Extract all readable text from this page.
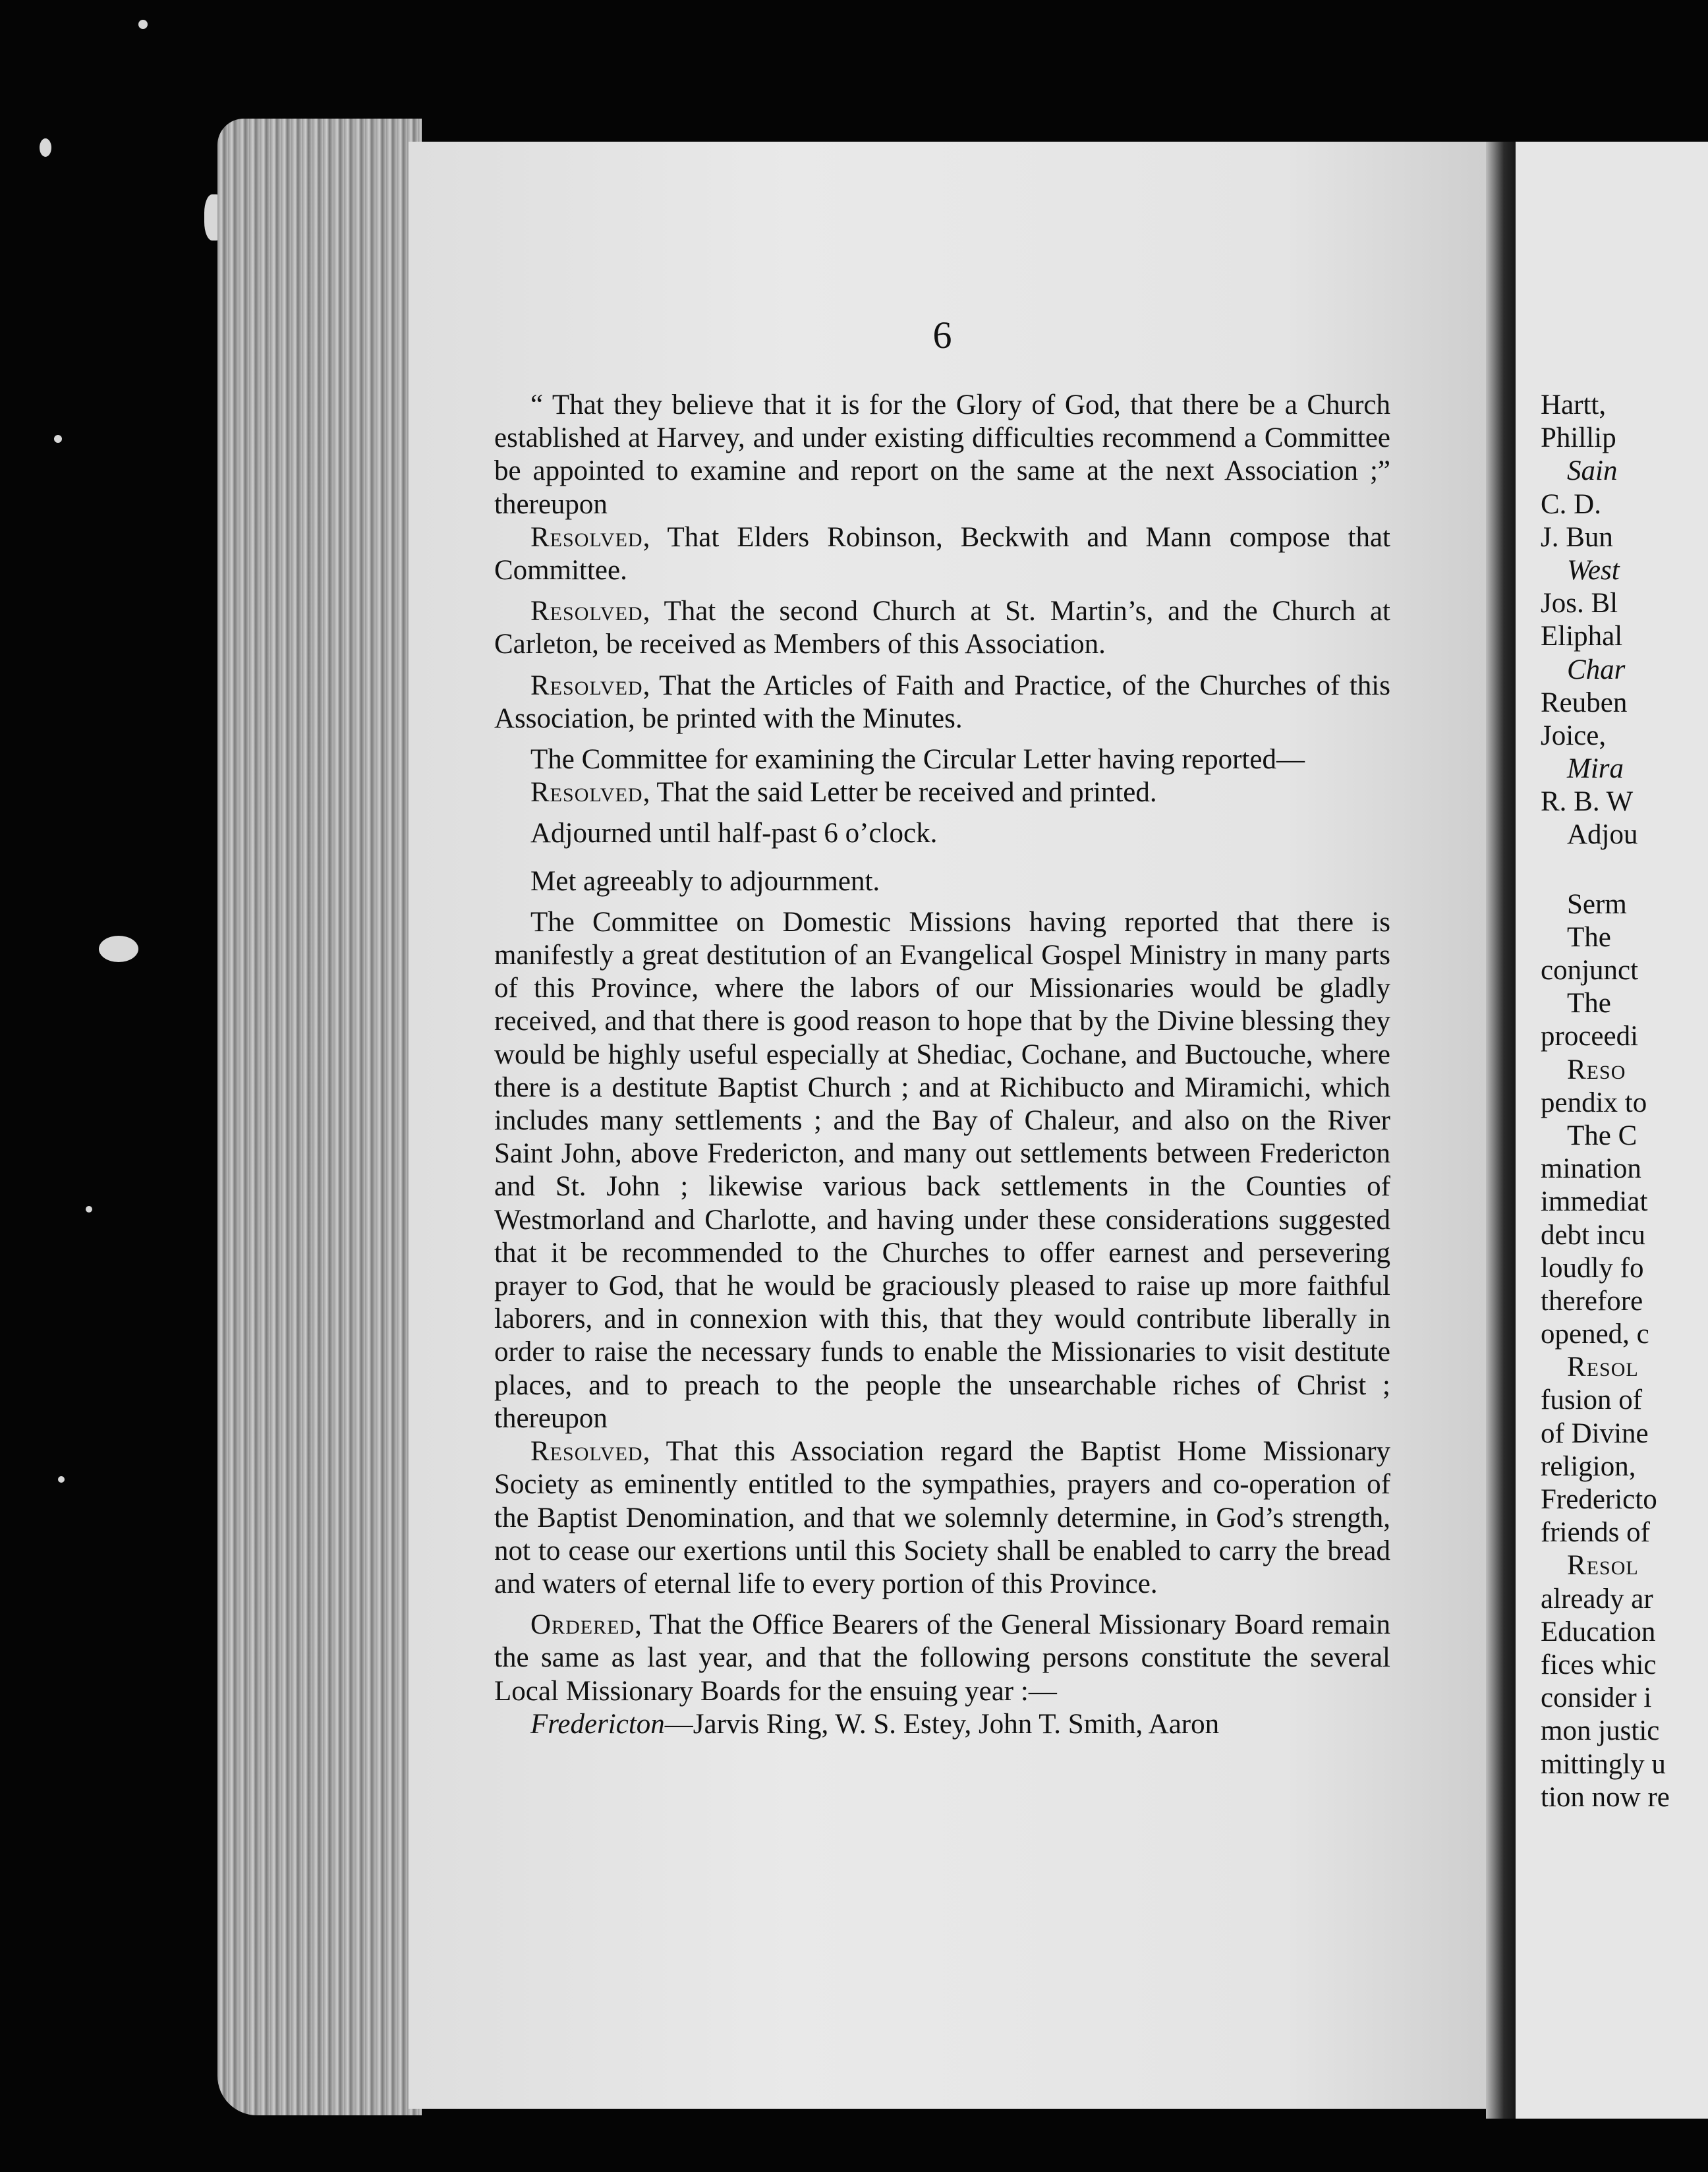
6

“ That they believe that it is for the Glory of God, that there be a Church established at Harvey, and under existing difficulties recommend a Committee be appointed to examine and report on the same at the next Association ;” thereupon

Resolved, That Elders Robinson, Beckwith and Mann compose that Committee.

Resolved, That the second Church at St. Martin’s, and the Church at Carleton, be received as Members of this Association.

Resolved, That the Articles of Faith and Practice, of the Churches of this Association, be printed with the Minutes.

The Committee for examining the Circular Letter having reported—

Resolved, That the said Letter be received and printed.

Adjourned until half-past 6 o’clock.

Met agreeably to adjournment.

The Committee on Domestic Missions having reported that there is manifestly a great destitution of an Evangelical Gospel Ministry in many parts of this Province, where the labors of our Missionaries would be gladly received, and that there is good reason to hope that by the Divine blessing they would be highly useful especially at Shediac, Cochane, and Buctouche, where there is a destitute Baptist Church ; and at Richibucto and Miramichi, which includes many settlements ; and the Bay of Chaleur, and also on the River Saint John, above Fredericton, and many out settlements between Fredericton and St. John ; likewise various back settlements in the Counties of Westmorland and Charlotte, and having under these considerations suggested that it be recommended to the Churches to offer earnest and persevering prayer to God, that he would be graciously pleased to raise up more faithful laborers, and in connexion with this, that they would contribute liberally in order to raise the necessary funds to enable the Missionaries to visit destitute places, and to preach to the people the unsearchable riches of Christ ; thereupon

Resolved, That this Association regard the Baptist Home Missionary Society as eminently entitled to the sympathies, prayers and co-operation of the Baptist Denomination, and that we solemnly determine, in God’s strength, not to cease our exertions until this Society shall be enabled to carry the bread and waters of eternal life to every portion of this Province.

Ordered, That the Office Bearers of the General Missionary Board remain the same as last year, and that the following persons constitute the several Local Missionary Boards for the ensuing year :—

Fredericton—Jarvis Ring, W. S. Estey, John T. Smith, Aaron

Hartt,
Phillip
Sain
C. D.
J. Bun
West
Jos. Bl
Eliphal
Char
Reuben
Joice,
Mira
R. B. W
Adjou
Serm
The
conjunct
The
proceedi
Reso
pendix to
The C
mination
immediat
debt incu
loudly fo
therefore
opened, c
Resol
fusion of
of Divine
religion,
Fredericto
friends of
Resol
already ar
Education
fices whic
consider i
mon justic
mittingly u
tion now re
